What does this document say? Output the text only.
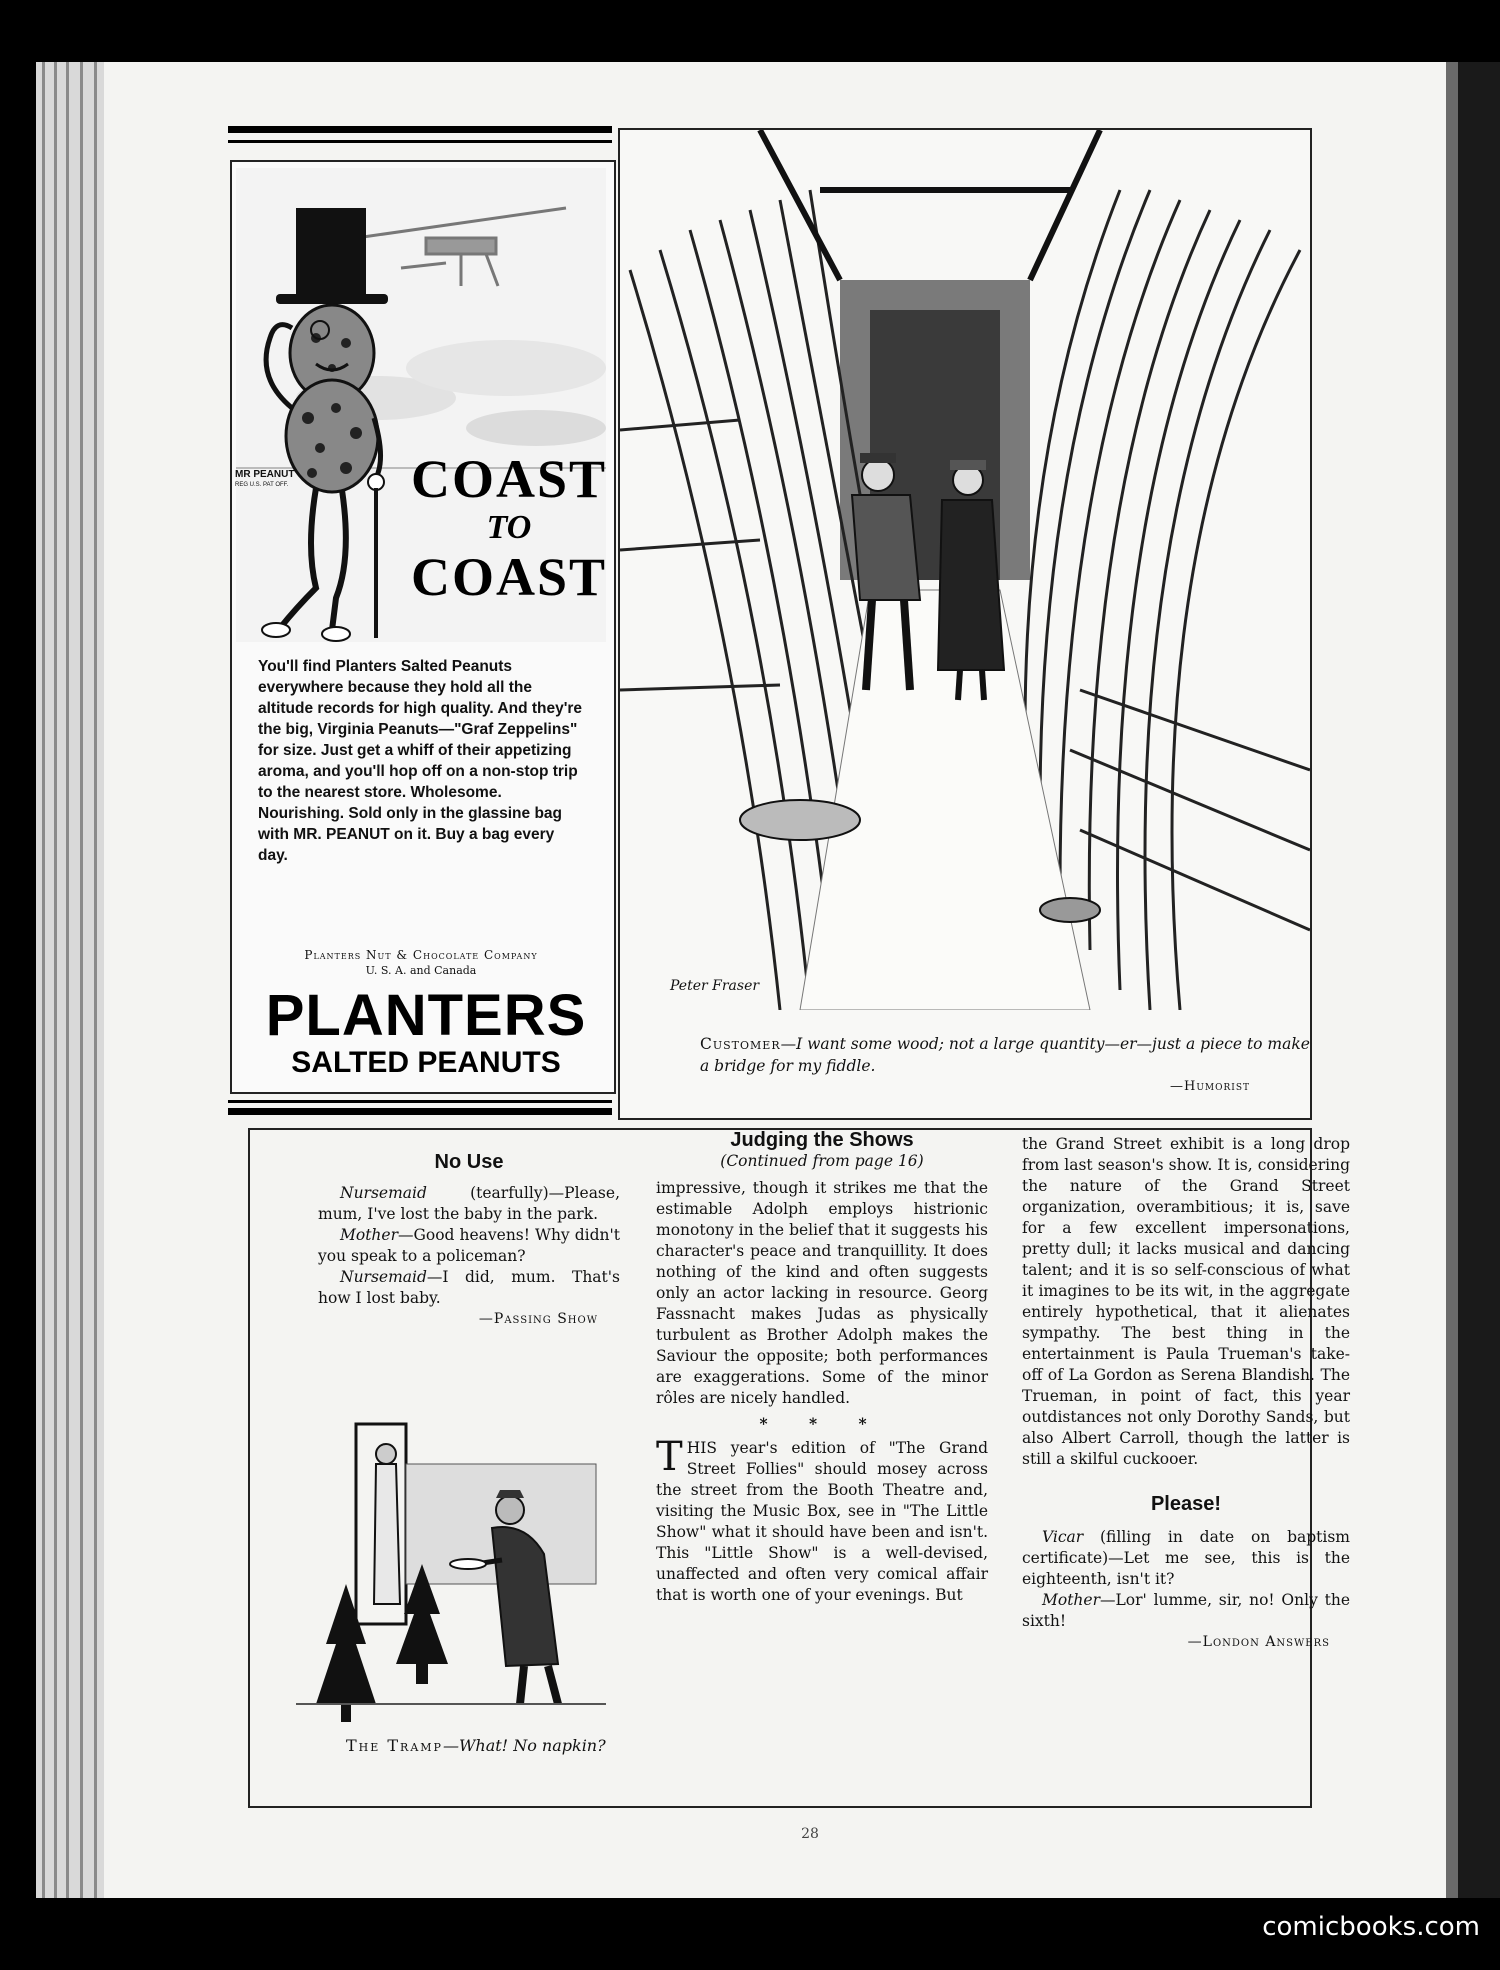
MR PEANUT
REG U.S. PAT OFF. COAST
TO
COAST
You'll find Planters Salted Peanuts everywhere because they hold all the altitude records for high quality. And they're the big, Virginia Peanuts—"Graf Zeppelins" for size. Just get a whiff of their appetizing aroma, and you'll hop off on a non-stop trip to the nearest store. Wholesome. Nourishing. Sold only in the glassine bag with MR. PEANUT on it. Buy a bag every day.
Planters Nut & Chocolate Company
U. S. A. and Canada
PLANTERS
SALTED PEANUTS
Peter Fraser
Customer—I want some wood; not a large quantity—er—just a piece to make a bridge for my fiddle.
—Humorist
No Use

Nursemaid (tearfully)—Please, mum, I've lost the baby in the park.

Mother—Good heavens! Why didn't you speak to a policeman?

Nursemaid—I did, mum. That's how I lost baby.

—Passing Show
The Tramp—What! No napkin?
Judging the Shows
(Continued from page 16)

impressive, though it strikes me that the estimable Adolph employs histrionic monotony in the belief that it suggests his character's peace and tranquillity. It does nothing of the kind and often suggests only an actor lacking in resource. Georg Fassnacht makes Judas as physically turbulent as Brother Adolph makes the Saviour the opposite; both performances are exaggerations. Some of the minor rôles are nicely handled.

* * *

THIS year's edition of "The Grand Street Follies" should mosey across the street from the Booth Theatre and, visiting the Music Box, see in "The Little Show" what it should have been and isn't. This "Little Show" is a well-devised, unaffected and often very comical affair that is worth one of your evenings. But

the Grand Street exhibit is a long drop from last season's show. It is, considering the nature of the Grand Street organization, overambitious; it is, save for a few excellent impersonations, pretty dull; it lacks musical and dancing talent; and it is so self-conscious of what it imagines to be its wit, in the aggregate entirely hypothetical, that it alienates sympathy. The best thing in the entertainment is Paula Trueman's take-off of La Gordon as Serena Blandish. The Trueman, in point of fact, this year outdistances not only Dorothy Sands, but also Albert Carroll, though the latter is still a skilful cuckooer.

Please!

Vicar (filling in date on baptism certificate)—Let me see, this is the eighteenth, isn't it?

Mother—Lor' lumme, sir, no! Only the sixth!

—London Answers
28
comicbooks.com
